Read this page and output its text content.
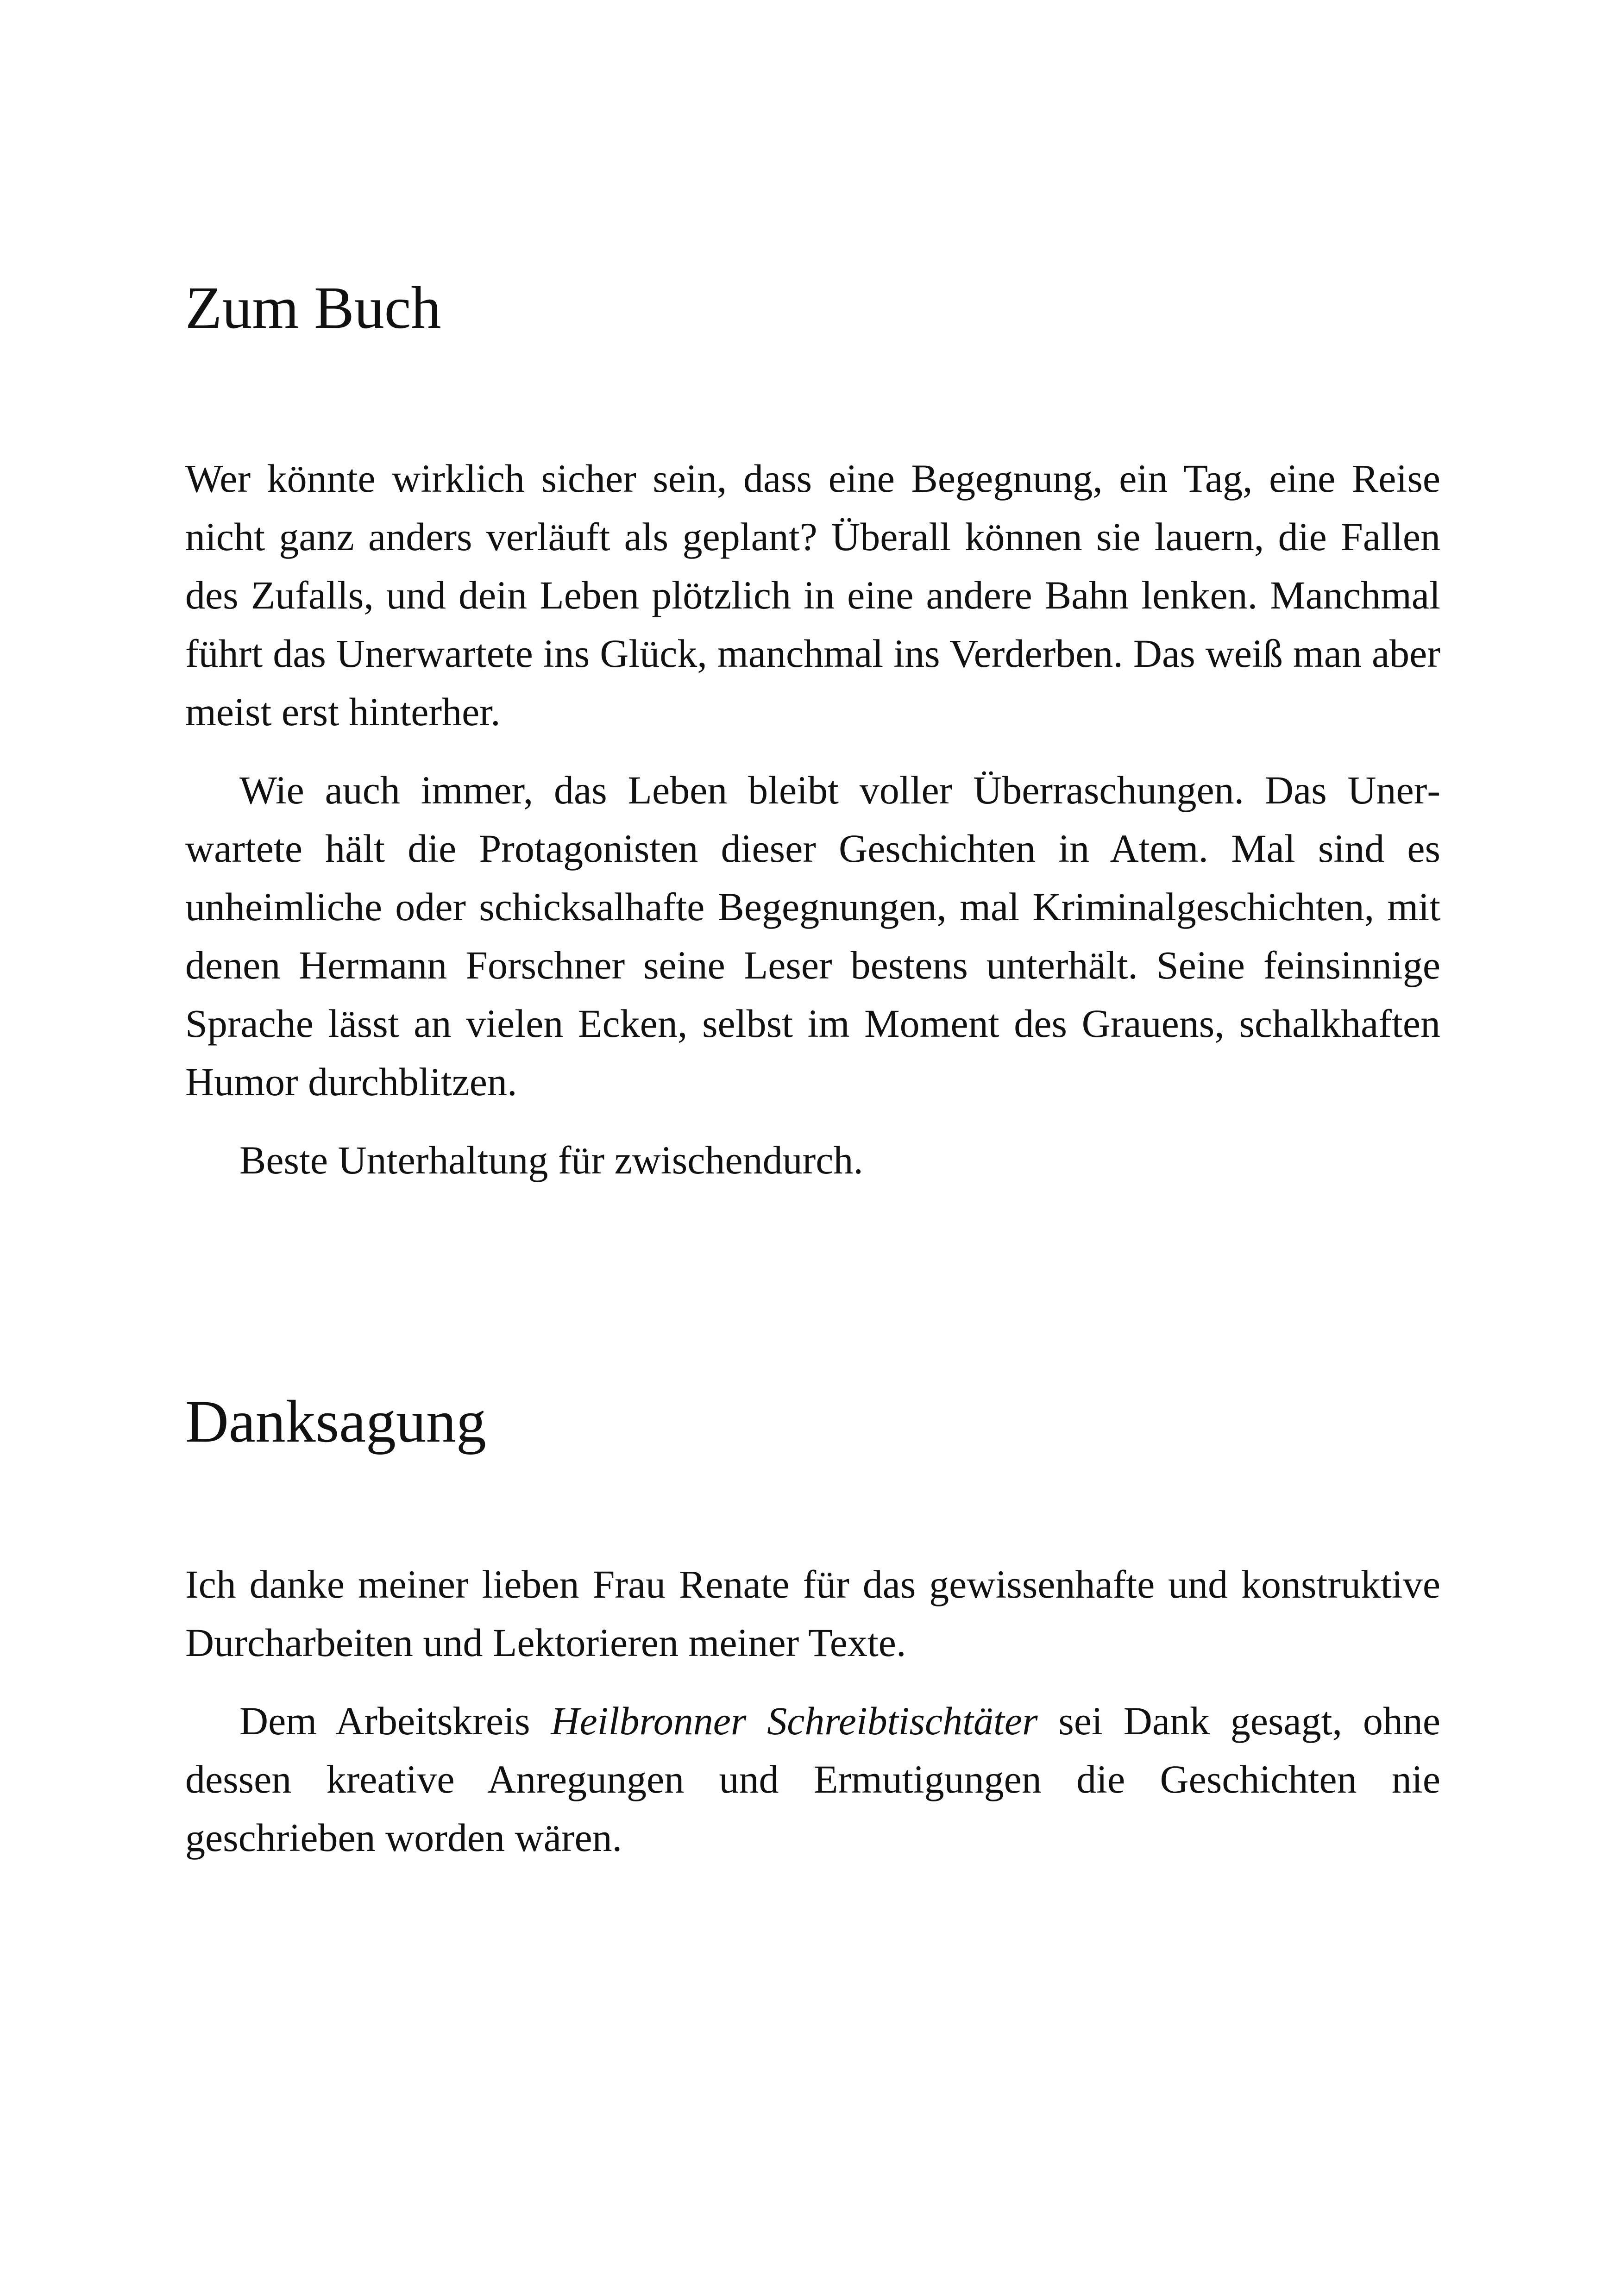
Zum Buch

Wer könnte wirklich sicher sein, dass eine Begegnung, ein Tag, eine Reise nicht ganz anders verläuft als geplant? Überall können sie lauern, die Fallen des Zufalls, und dein Leben plötzlich in eine andere Bahn lenken. Manchmal führt das Unerwartete ins Glück, manchmal ins Verderben. Das weiß man aber meist erst hinterher.

Wie auch immer, das Leben bleibt voller Überraschungen. Das Unerwartete hält die Protagonisten dieser Geschichten in Atem. Mal sind es unheimliche oder schicksalhafte Begegnungen, mal Kriminalgeschichten, mit denen Hermann Forschner seine Leser bestens unterhält. Seine feinsinnige Sprache lässt an vielen Ecken, selbst im Moment des Grauens, schalkhaften Humor durchblitzen.

Beste Unterhaltung für zwischendurch.

Danksagung

Ich danke meiner lieben Frau Renate für das gewissenhafte und konstruktive Durcharbeiten und Lektorieren meiner Texte.

Dem Arbeitskreis Heilbronner Schreibtischtäter sei Dank gesagt, ohne dessen kreative Anregungen und Ermutigungen die Geschichten nie geschrieben worden wären.
